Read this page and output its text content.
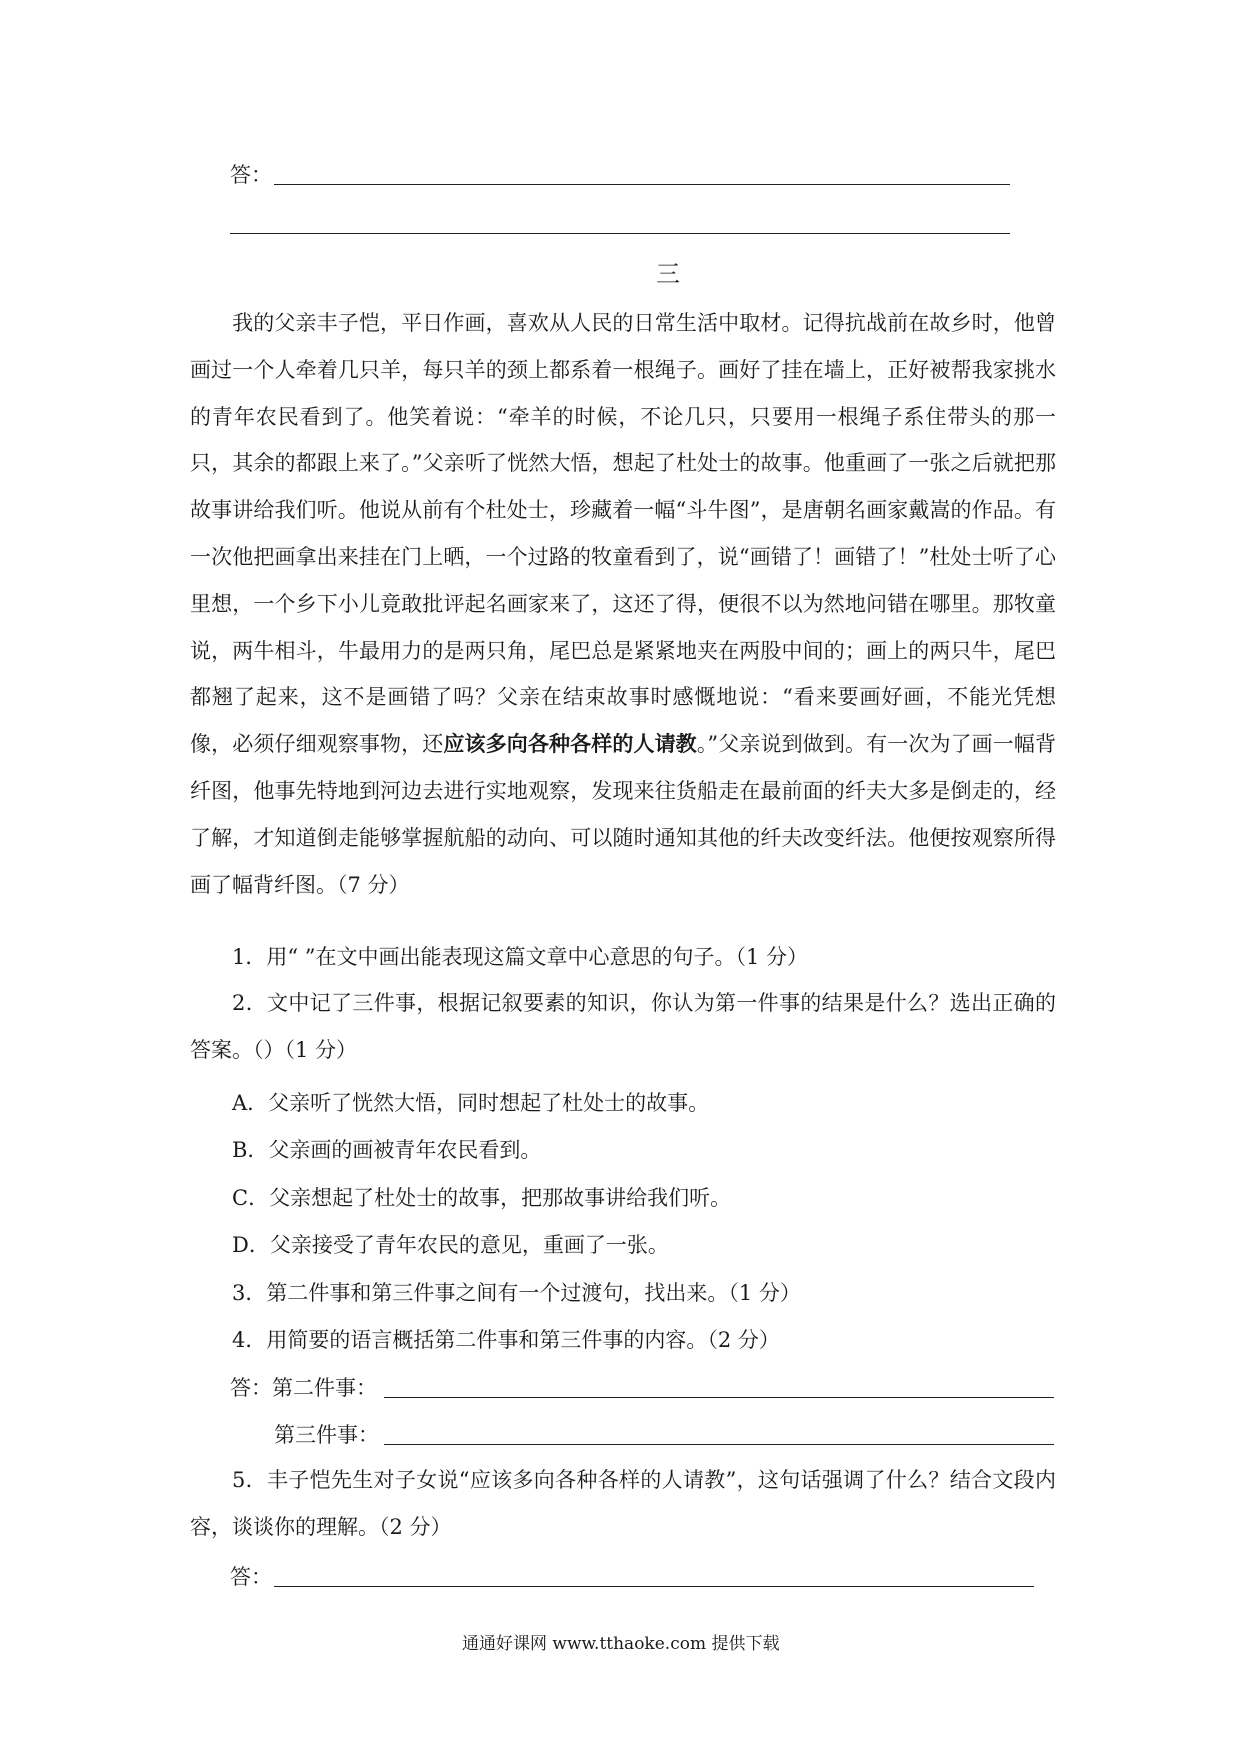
答：
三
我的父亲丰子恺，平日作画，喜欢从人民的日常生活中取材。记得抗战前在故乡时，他曾画过一个人牵着几只羊，每只羊的颈上都系着一根绳子。画好了挂在墙上，正好被帮我家挑水的青年农民看到了。他笑着说：“牵羊的时候，不论几只，只要用一根绳子系住带头的那一只，其余的都跟上来了。”父亲听了恍然大悟，想起了杜处士的故事。他重画了一张之后就把那故事讲给我们听。他说从前有个杜处士，珍藏着一幅“斗牛图”，是唐朝名画家戴嵩的作品。有一次他把画拿出来挂在门上晒，一个过路的牧童看到了，说“画错了！画错了！”杜处士听了心里想，一个乡下小儿竟敢批评起名画家来了，这还了得，便很不以为然地问错在哪里。那牧童说，两牛相斗，牛最用力的是两只角，尾巴总是紧紧地夹在两股中间的；画上的两只牛，尾巴都翘了起来，这不是画错了吗？父亲在结束故事时感慨地说：“看来要画好画，不能光凭想像，必须仔细观察事物，还应该多向各种各样的人请教。”父亲说到做到。有一次为了画一幅背纤图，他事先特地到河边去进行实地观察，发现来往货船走在最前面的纤夫大多是倒走的，经了解，才知道倒走能够掌握航船的动向、可以随时通知其他的纤夫改变纤法。他便按观察所得画了幅背纤图。（7 分）
1．用“ ”在文中画出能表现这篇文章中心意思的句子。（1 分）
2．文中记了三件事，根据记叙要素的知识，你认为第一件事的结果是什么？选出正确的答案。（）（1 分）
A．父亲听了恍然大悟，同时想起了杜处士的故事。
B．父亲画的画被青年农民看到。
C．父亲想起了杜处士的故事，把那故事讲给我们听。
D．父亲接受了青年农民的意见，重画了一张。
3．第二件事和第三件事之间有一个过渡句，找出来。（1 分）
4．用简要的语言概括第二件事和第三件事的内容。（2 分）
答：第二件事：
第三件事：
5．丰子恺先生对子女说“应该多向各种各样的人请教”，这句话强调了什么？结合文段内容，谈谈你的理解。（2 分）
答：
通通好课网 www.tthaoke.com 提供下载
